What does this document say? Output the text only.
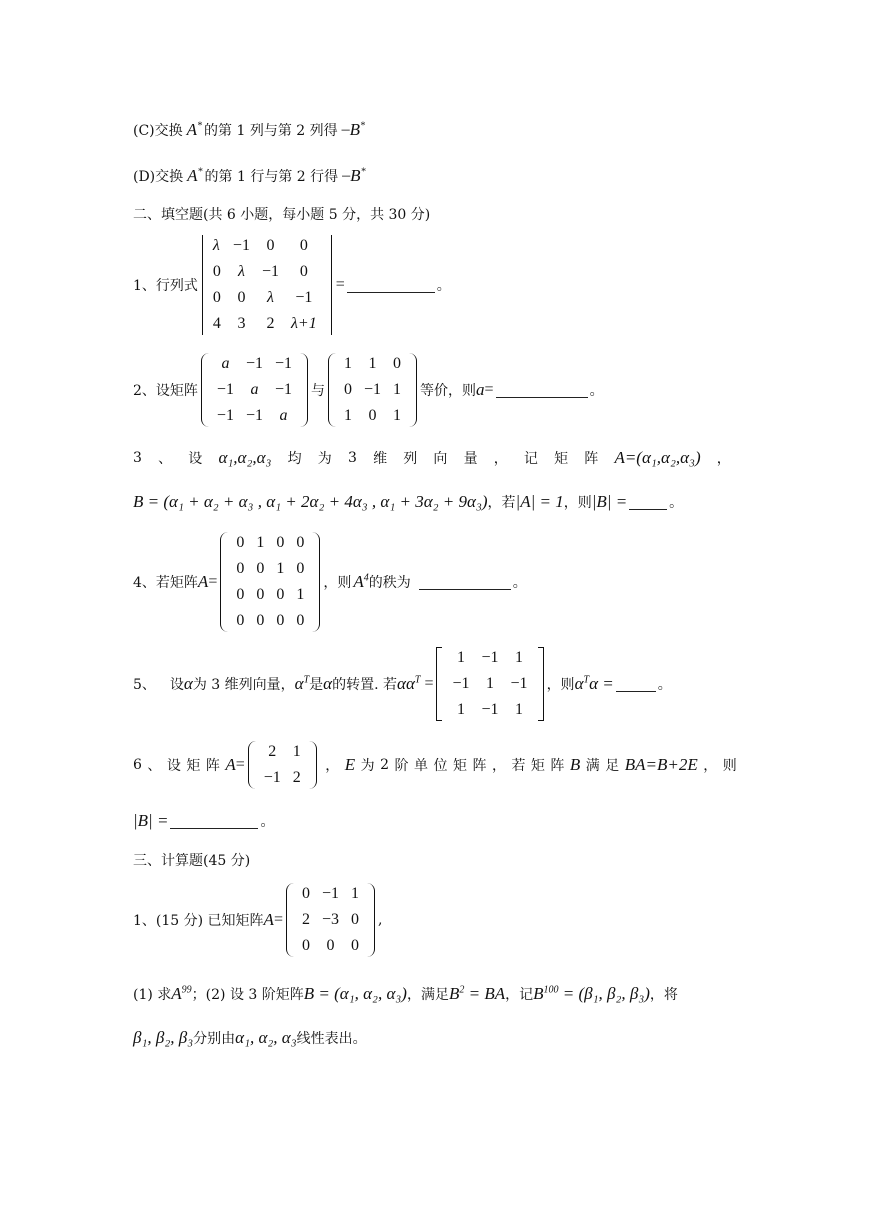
(C)交换 A* 的第 1 列与第 2 列得 – B*
(D)交换 A* 的第 1 行与第 2 行得 – B*
二、填空题(共 6 小题，每小题 5 分，共 30 分)
1、行列式
λ −1	0	0
0	λ	−1	0
0	0	λ	−1
4	3	2	λ+1
=	。
2、设矩阵
a	−1 −1
−1	a	−1
−1 −1	a
与
1	1	0
0 −1 1
1	0	1
等价，则 a =	。
3 、 设 α₁,α₂,α₃ 均 为 3 维 列 向 量 ， 记 矩 阵 A=(α₁,α₂,α₃) ，
B = (α₁ + α₂ + α₃ , α₁ + 2α₂ + 4α₃ , α₁ + 3α₂ + 9α₃) ，若 |A| = 1 ，则 |B| =	。
4、若矩阵 A =
0 1 0 0
0 0 1 0
0 0 0 1
0 0 0 0
，则 $A^4$ 的秩为	。
5、 设 α 为 3 维列向量， $\alpha^T$ 是 α 的转置. 若 $\alpha\alpha^T$ =
1	−1	1
−1	1	−1
1	−1	1
，则 $\alpha^T$ α =	。
6 、 设 矩 阵 A =
2	1
−1 2
， E 为 2 阶 单 位 矩 阵 ， 若 矩 阵 B 满 足 BA=B+2E ， 则
|B| =	。
三、计算题(45 分)
1、(15 分) 已知矩阵 A =
0 −1 1
2 −3 0
0	0	0
,
(1) 求 $A^{99}$ ；(2) 设 3 阶矩阵 B = (α₁, α₂, α₃) ，满足 $B^2$ = BA ，记 $B^{100} = (\beta_1$, β₂, β₃) ，将
β₁, β₂, β₃ 分别由 α₁, α₂, α₃ 线性表出。
